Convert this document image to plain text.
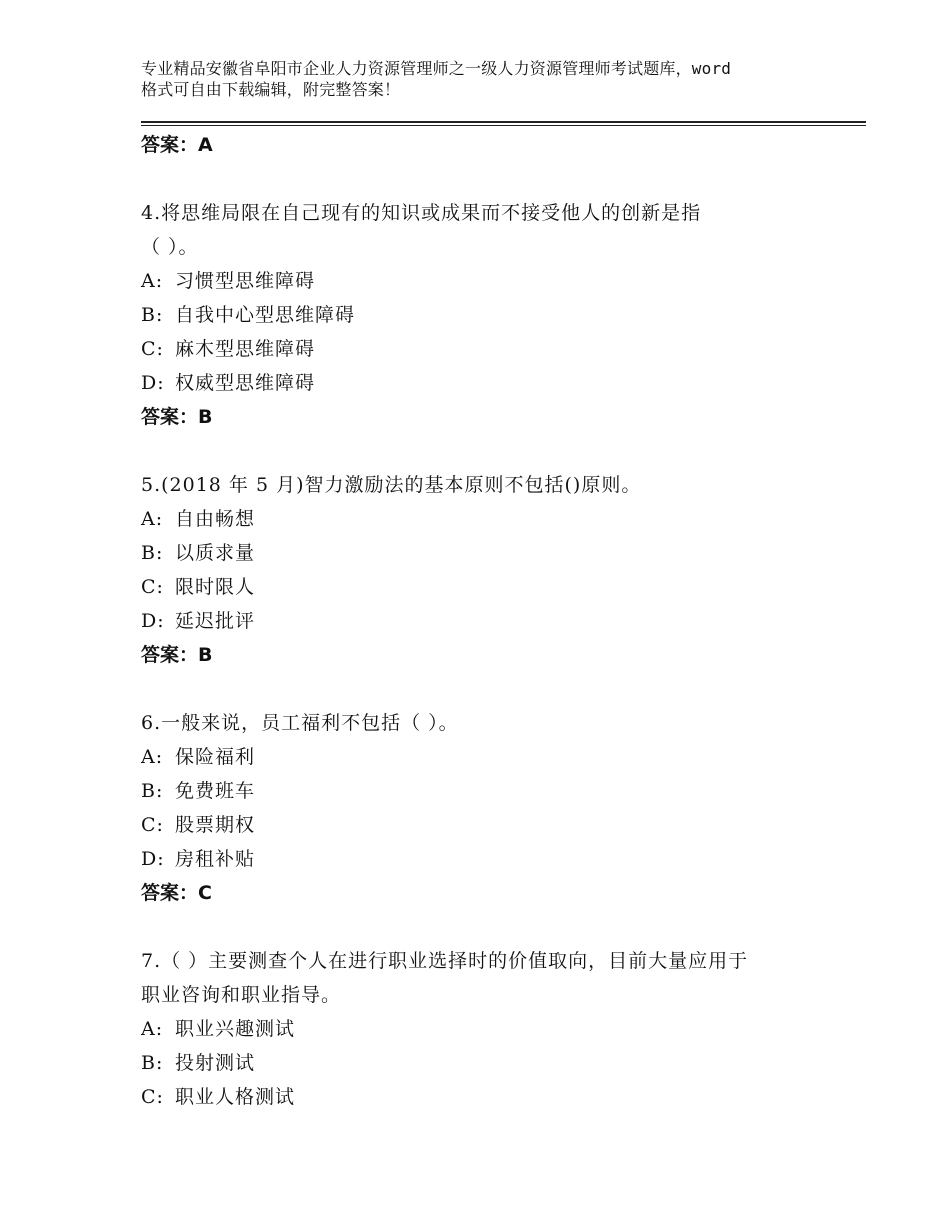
专业精品安徽省阜阳市企业人力资源管理师之一级人力资源管理师考试题库，word
格式可自由下载编辑，附完整答案！
答案：A
4.将思维局限在自己现有的知识或成果而不接受他人的创新是指
（ ）。
A: 习惯型思维障碍
B: 自我中心型思维障碍
C: 麻木型思维障碍
D: 权威型思维障碍
答案：B
5.(2018 年 5 月)智力激励法的基本原则不包括()原则。
A: 自由畅想
B: 以质求量
C: 限时限人
D: 延迟批评
答案：B
6.一般来说，员工福利不包括（ ）。
A: 保险福利
B: 免费班车
C: 股票期权
D: 房租补贴
答案：C
7.（ ）主要测查个人在进行职业选择时的价值取向，目前大量应用于
职业咨询和职业指导。
A: 职业兴趣测试
B: 投射测试
C: 职业人格测试
